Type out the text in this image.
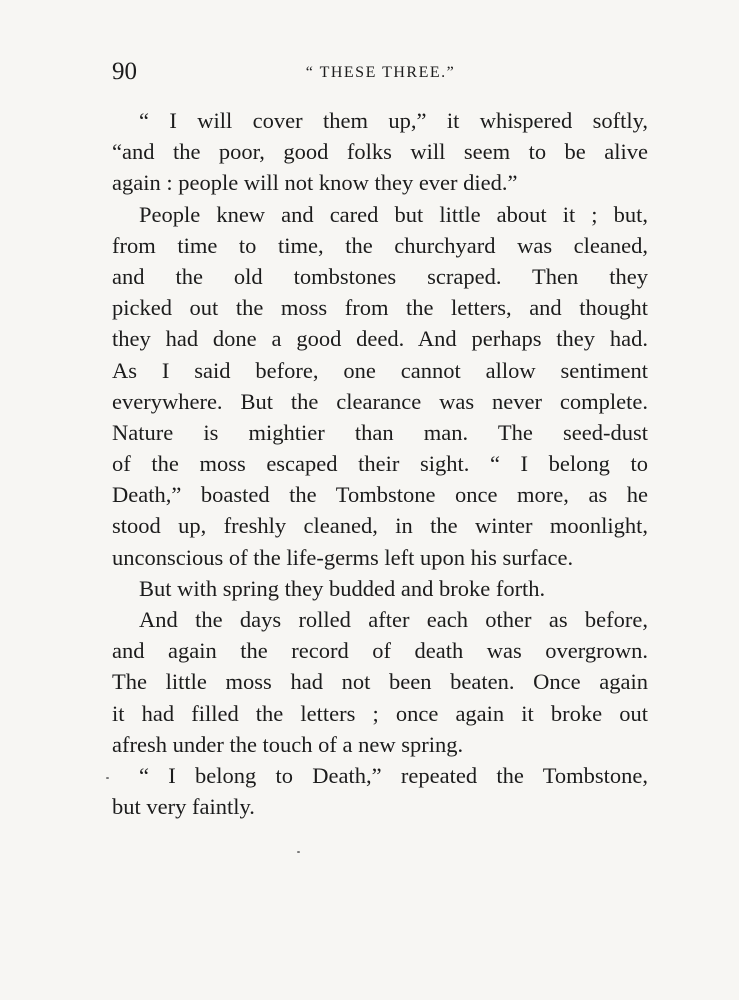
90	“ THESE THREE.”
“ I will cover them up,” it whispered softly,
“and the poor, good folks will seem to be alive
again : people will not know they ever died.”
People knew and cared but little about it ; but,
from time to time, the churchyard was cleaned,
and the old tombstones scraped. Then they
picked out the moss from the letters, and thought
they had done a good deed. And perhaps they had.
As I said before, one cannot allow sentiment
everywhere. But the clearance was never complete.
Nature is mightier than man. The seed-dust
of the moss escaped their sight. “ I belong to
Death,” boasted the Tombstone once more, as he
stood up, freshly cleaned, in the winter moonlight,
unconscious of the life-germs left upon his surface.
But with spring they budded and broke forth.
And the days rolled after each other as before,
and again the record of death was overgrown.
The little moss had not been beaten. Once again
it had filled the letters ; once again it broke out
afresh under the touch of a new spring.
“ I belong to Death,” repeated the Tombstone,
but very faintly.
